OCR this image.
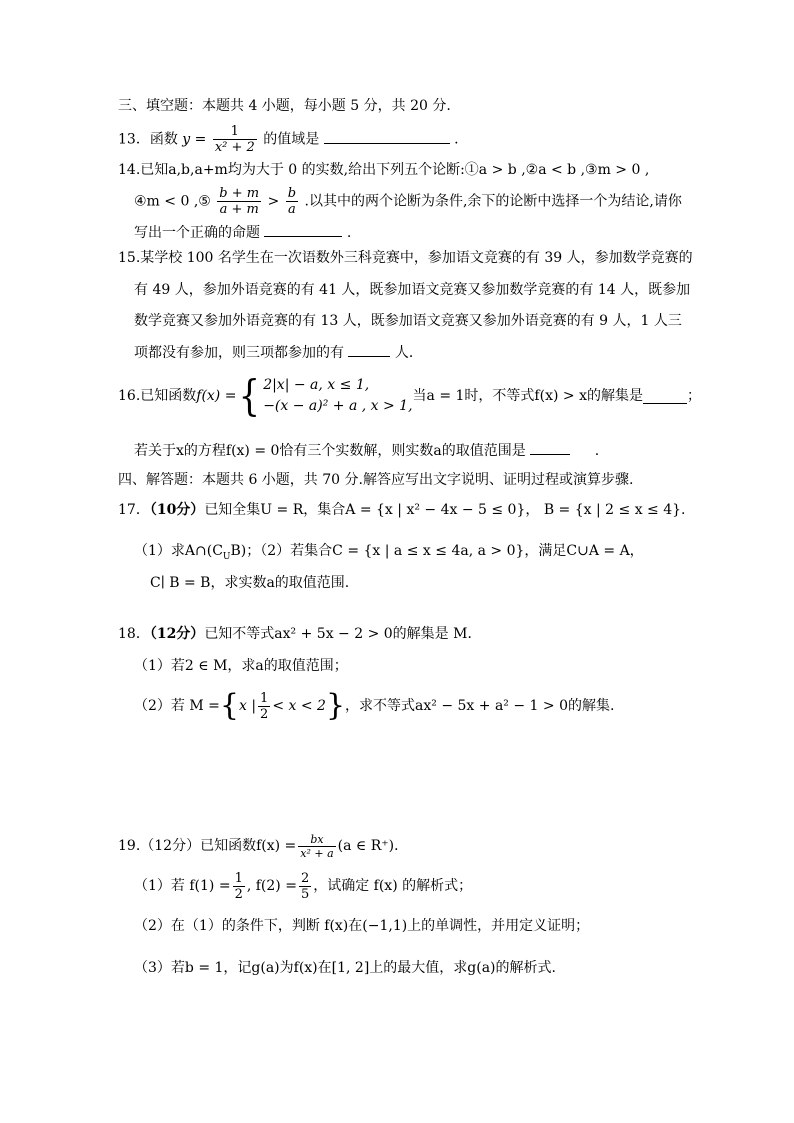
三、填空题：本题共 4 小题，每小题 5 分，共 20 分.
13．函数 $y = \frac{1}{\text{x² + 2}}$ 的值域是	.
14.已知a,b,a+m均为大于 0 的实数,给出下列五个论断:①a > b ,②a < b ,③m > 0 ,
④m < 0 ,⑤ $\frac{b + m}{a + m} > \frac{b}{a}$ .以其中的两个论断为条件,余下的论断中选择一个为结论,请你
写出一个正确的命题	.
15.某学校 100 名学生在一次语数外三科竞赛中，参加语文竞赛的有 39 人，参加数学竞赛的
有 49 人，参加外语竞赛的有 41 人，既参加语文竞赛又参加数学竞赛的有 14 人，既参加
数学竞赛又参加外语竞赛的有 13 人，既参加语文竞赛又参加外语竞赛的有 9 人，1 人三
项都没有参加，则三项都参加的有	人．
16.已知函数 f(x) = { 2|x| − a, x ≤ 1,
−(x − a)² + a , x > 1,
当a = 1时，不等式f(x) > x的解集是	；
若关于x的方程f(x) = 0恰有三个实数解，则实数a的取值范围是	.
四、解答题：本题共 6 小题，共 70 分.解答应写出文字说明、证明过程或演算步骤.
17．（10分）已知全集U = R，集合A = {x | x² − 4x − 5 ≤ 0}， B = {x | 2 ≤ x ≤ 4}.
（1）求$A\cap(C_UB)$；（2）若集合C = {x | a ≤ x ≤ 4a, a > 0}，满足C∪A = A，
C∣ B = B，求实数a的取值范围.
18．（12分）已知不等式ax² + 5x − 2 > 0的解集是 M．
（1）若2 ∈ M，求a的取值范围；
（2）若 M = { x | $\frac{1}{2} < x < 2$ } ，求不等式ax² − 5x + a² − 1 > 0的解集.
19.（12分）已知函数$f(x) = \frac{bx}{\text{x² + a}} (a$ ∈ R⁺)．
（1）若 $f(1) = \frac{1}{2}$ , $f(2) = \frac{2}{5}$ ，试确定 f(x) 的解析式；
（2）在（1）的条件下，判断 f(x)在(−1,1)上的单调性，并用定义证明；
（3）若b = 1，记g(a)为f(x)在[1, 2]上的最大值，求g(a)的解析式.
